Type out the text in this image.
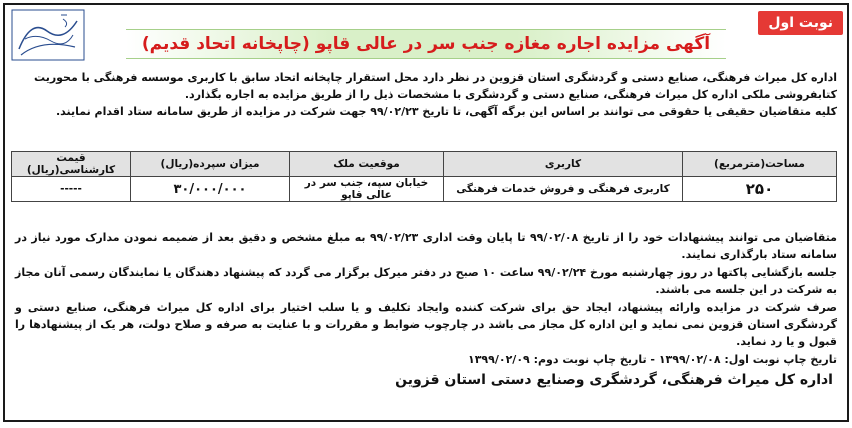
نوبت اول
آگهی مزایده اجاره مغازه جنب سر در عالی قاپو (چاپخانه اتحاد قدیم)

اداره کل میراث فرهنگی، صنایع دستی و گردشگری استان قزوین در نظر دارد محل استقرار چاپخانه اتحاد سابق با کاربری موسسه فرهنگی با محوریت

کتابفروشی ملکی اداره کل میراث فرهنگی، صنایع دستی و گردشگری با مشخصات ذیل را از طریق مزایده به اجاره بگذارد.

کلیه متقاضیان حقیقی یا حقوقی می توانند بر اساس این برگه آگهی، تا تاریخ ۹۹/۰۲/۲۳ جهت شرکت در مزایده از طریق سامانه ستاد اقدام نمایند.

مساحت(مترمربع)	کاربری	موقعیت ملک	میزان سپرده(ریال)	قیمت کارشناسی(ریال)
۲۵۰	کاربری فرهنگی و فروش خدمات فرهنگی	خیابان سپه، جنب سر در عالی قاپو	۳۰/۰۰۰/۰۰۰	-----

متقاضیان می توانند پیشنهادات خود را از تاریخ ۹۹/۰۲/۰۸ تا پایان وقت اداری ۹۹/۰۲/۲۳ به مبلغ مشخص و دقیق بعد از ضمیمه نمودن مدارک مورد نیاز در سامانه ستاد بارگذاری نمایند.

جلسه بازگشایی پاکتها در روز چهارشنبه مورخ ۹۹/۰۲/۲۴ ساعت ۱۰ صبح در دفتر میرکل برگزار می گردد که پیشنهاد دهندگان یا نمایندگان رسمی آنان مجاز به شرکت در این جلسه می باشند.

صرف شرکت در مزایده وارائه پیشنهاد، ایجاد حق برای شرکت کننده وایجاد تکلیف و یا سلب اختیار برای اداره کل میراث فرهنگی، صنایع دستی و گردشگری استان قزوین نمی نماید و این اداره کل مجاز می باشد در چارچوب ضوابط و مقررات و با عنایت به صرفه و صلاح دولت، هر یک از پیشنهادها را قبول و یا رد نماید.

تاریخ چاپ نوبت اول: ۱۳۹۹/۰۲/۰۸ - تاریخ چاپ نوبت دوم: ۱۳۹۹/۰۲/۰۹

اداره کل میراث فرهنگی، گردشگری وصنایع دستی استان قزوین
